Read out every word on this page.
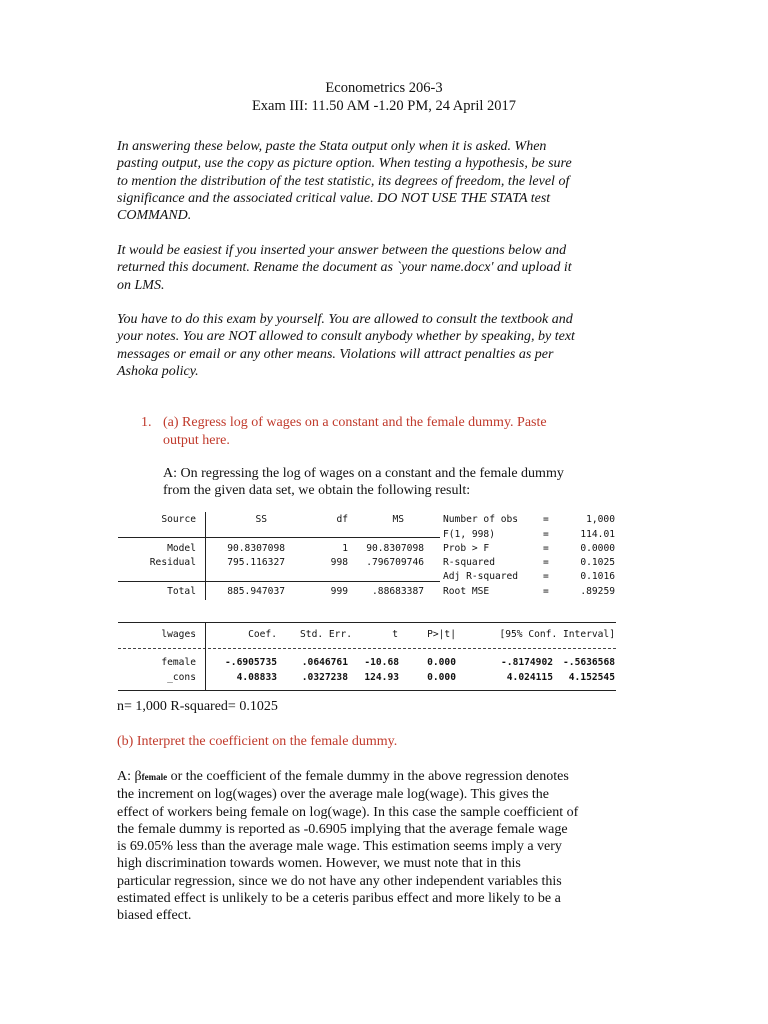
Econometrics 206-3
Exam III: 11.50 AM -1.20 PM, 24 April 2017
In answering these below, paste the Stata output only when it is asked. When
pasting output, use the copy as picture option. When testing a hypothesis, be sure
to mention the distribution of the test statistic, its degrees of freedom, the level of
significance and the associated critical value. DO NOT USE THE STATA test
COMMAND.
It would be easiest if you inserted your answer between the questions below and
returned this document. Rename the document as `your name.docx' and upload it
on LMS.
You have to do this exam by yourself. You are allowed to consult the textbook and
your notes. You are NOT allowed to consult anybody whether by speaking, by text
messages or email or any other means. Violations will attract penalties as per
Ashoka policy.
1. (a) Regress log of wages on a constant and the female dummy. Paste
output here.
A: On regressing the log of wages on a constant and the female dummy
from the given data set, we obtain the following result:
Source	SS	df	MS
Model	90.8307098	1	90.8307098
Residual	795.116327	998	.796709746
Total	885.947037	999	.88683387
Number of obs	=	1,000
F(1, 998)	=	114.01
Prob > F	=	0.0000
R-squared	=	0.1025
Adj R-squared	=	0.1016
Root MSE	=	.89259
lwages	Coef.	Std. Err.	t	P>|t|	[95% Conf. Interval]
female	-.6905735	.0646761	-10.68	0.000	-.8174902	-.5636568
_cons	4.08833	.0327238	124.93	0.000	4.024115	4.152545
n= 1,000 R-squared= 0.1025
(b) Interpret the coefficient on the female dummy.
A: βfemale or the coefficient of the female dummy in the above regression denotes
the increment on log(wages) over the average male log(wage). This gives the
effect of workers being female on log(wage). In this case the sample coefficient of
the female dummy is reported as -0.6905 implying that the average female wage
is 69.05% less than the average male wage. This estimation seems imply a very
high discrimination towards women. However, we must note that in this
particular regression, since we do not have any other independent variables this
estimated effect is unlikely to be a ceteris paribus effect and more likely to be a
biased effect.
